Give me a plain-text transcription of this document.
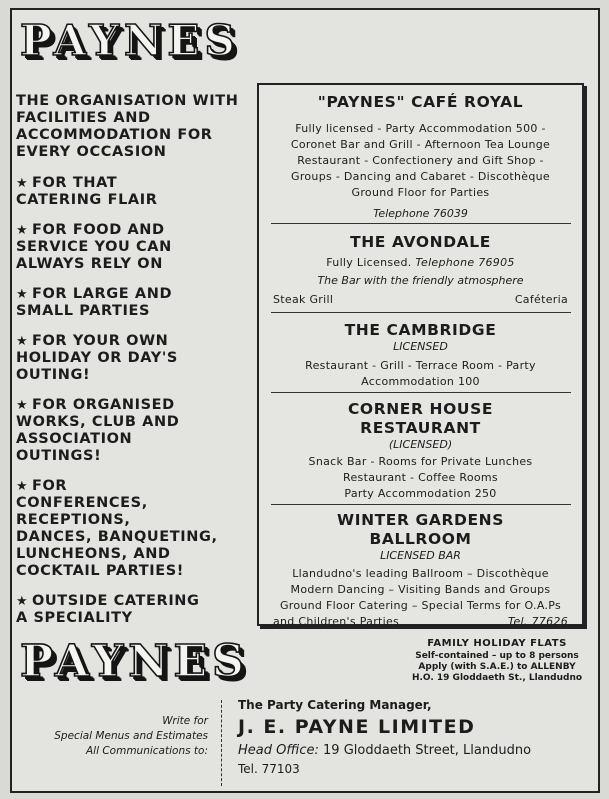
PAYNES
THE ORGANISATION WITH FACILITIES AND ACCOMMODATION FOR EVERY OCCASION
★ FOR THAT
CATERING FLAIR
★ FOR FOOD AND
SERVICE YOU CAN
ALWAYS RELY ON
★ FOR LARGE AND
SMALL PARTIES
★ FOR YOUR OWN
HOLIDAY OR DAY'S
OUTING!
★ FOR ORGANISED
WORKS, CLUB AND
ASSOCIATION
OUTINGS!
★ FOR
CONFERENCES,
RECEPTIONS,
DANCES, BANQUETING,
LUNCHEONS, AND
COCKTAIL PARTIES!
★ OUTSIDE CATERING
A SPECIALITY
"PAYNES" CAFÉ ROYAL
Fully licensed - Party Accommodation 500 -
Coronet Bar and Grill - Afternoon Tea Lounge
Restaurant - Confectionery and Gift Shop -
Groups - Dancing and Cabaret - Discothèque
Ground Floor for Parties
Telephone 76039
THE AVONDALE
Fully Licensed. Telephone 76905
The Bar with the friendly atmosphere
Steak Grill	Caféteria
THE CAMBRIDGE
LICENSED
Restaurant - Grill - Terrace Room - Party
Accommodation 100
CORNER HOUSE
RESTAURANT
(LICENSED)
Snack Bar - Rooms for Private Lunches
Restaurant - Coffee Rooms
Party Accommodation 250
WINTER GARDENS
BALLROOM
LICENSED BAR
Llandudno's leading Ballroom – Discothèque
Modern Dancing – Visiting Bands and Groups
Ground Floor Catering – Special Terms for O.A.Ps
and Children's Parties	Tel. 77626
FAMILY HOLIDAY FLATS
Self-contained – up to 8 persons
Apply (with S.A.E.) to ALLENBY
H.O. 19 Gloddaeth St., Llandudno
PAYNES
Write for
Special Menus and Estimates
All Communications to:
The Party Catering Manager,
J. E. PAYNE LIMITED
Head Office: 19 Gloddaeth Street, Llandudno
Tel. 77103
